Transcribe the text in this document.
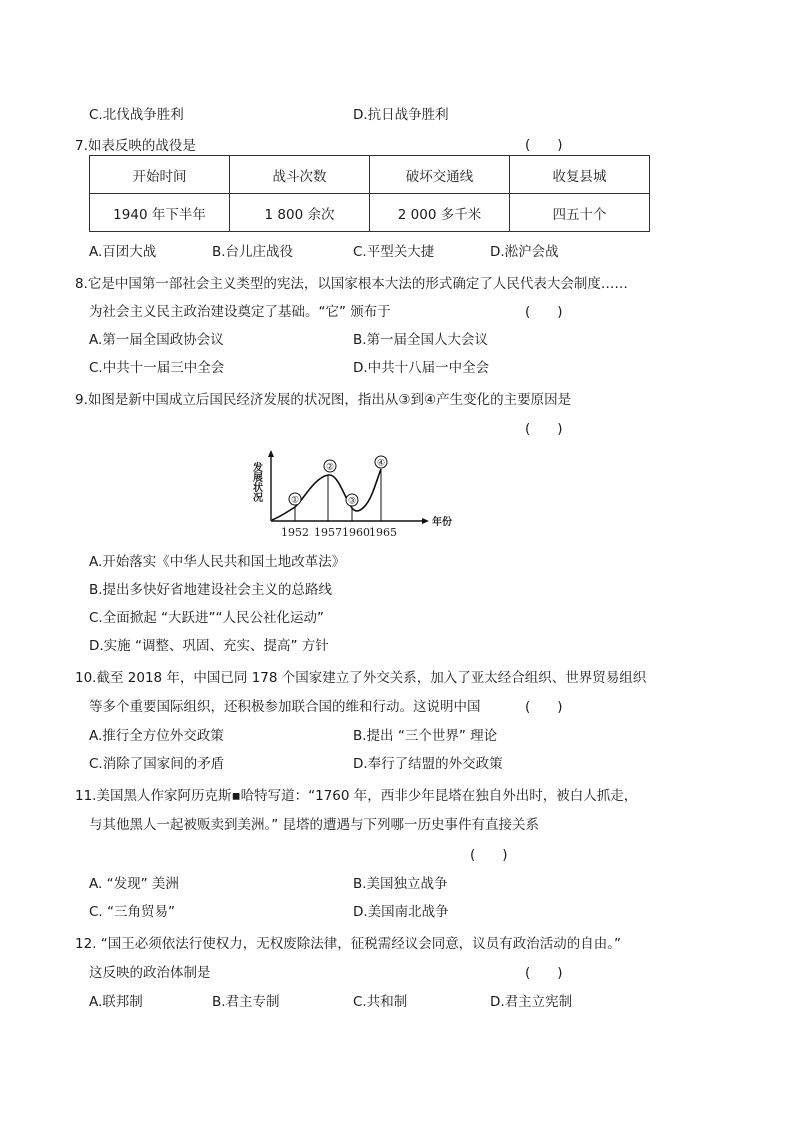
C.北伐战争胜利	D.抗日战争胜利
7.如表反映的战役是	(　　)
开始时间	战斗次数	破坏交通线	收复县城
1940 年下半年	1 800 余次	2 000 多千米	四五十个
A.百团大战	B.台儿庄战役	C.平型关大捷	D.淞沪会战
8.它是中国第一部社会主义类型的宪法，以国家根本大法的形式确定了人民代表大会制度……
为社会主义民主政治建设奠定了基础。“它” 颁布于	(　　)
A.第一届全国政协会议	B.第一届全国人大会议
C.中共十一届三中全会	D.中共十八届一中全会
9.如图是新中国成立后国民经济发展的状况图，指出从③到④产生变化的主要原因是
(　　)
发展状况	①
②
③
④
1952 1957 1960 1965
年份
A.开始落实《中华人民共和国土地改革法》
B.提出多快好省地建设社会主义的总路线
C.全面掀起 “大跃进”“人民公社化运动”
D.实施 “调整、巩固、充实、提高” 方针
10.截至 2018 年，中国已同 178 个国家建立了外交关系，加入了亚太经合组织、世界贸易组织
等多个重要国际组织，还积极参加联合国的维和行动。这说明中国	(　　)
A.推行全方位外交政策	B.提出 “三个世界” 理论
C.消除了国家间的矛盾	D.奉行了结盟的外交政策
11.美国黑人作家阿历克斯▪哈特写道：“1760 年，西非少年昆塔在独自外出时，被白人抓走，
与其他黑人一起被贩卖到美洲。” 昆塔的遭遇与下列哪一历史事件有直接关系
(　　)
A. “发现” 美洲	B.美国独立战争
C. “三角贸易”	D.美国南北战争
12. “国王必须依法行使权力，无权废除法律，征税需经议会同意，议员有政治活动的自由。”
这反映的政治体制是	(　　)
A.联邦制	B.君主专制	C.共和制	D.君主立宪制
